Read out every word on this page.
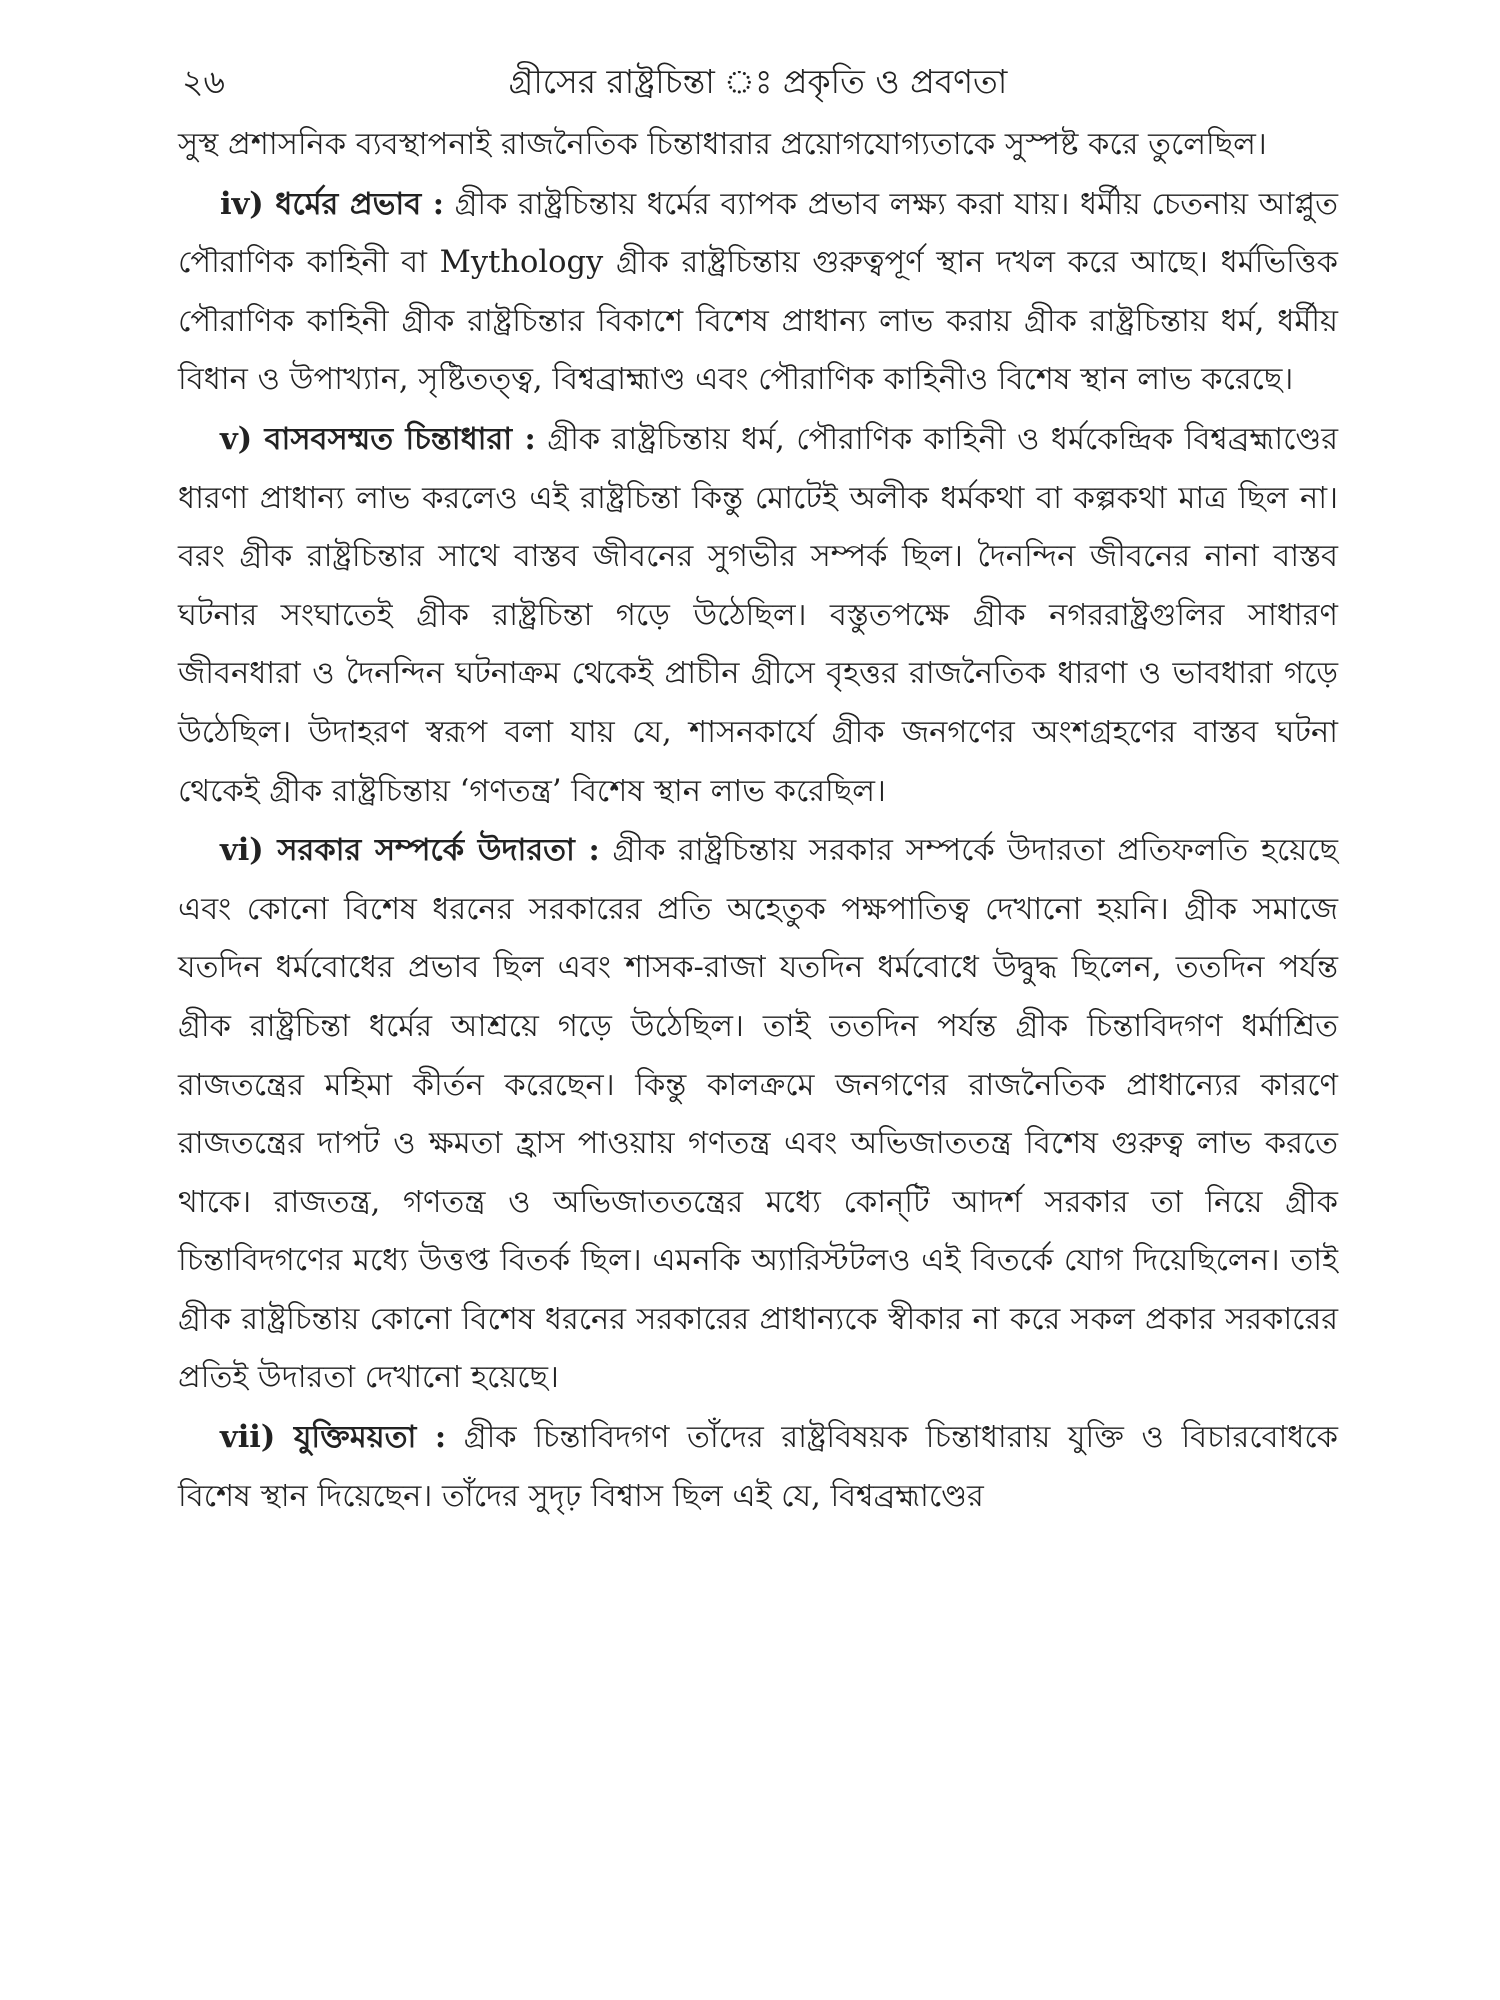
২৬	গ্রীসের রাষ্ট্রচিন্তা ঃ প্রকৃতি ও প্রবণতা

সুস্থ প্রশাসনিক ব্যবস্থাপনাই রাজনৈতিক চিন্তাধারার প্রয়োগযোগ্যতাকে সুস্পষ্ট করে তুলেছিল।

iv) ধর্মের প্রভাব : গ্রীক রাষ্ট্রচিন্তায় ধর্মের ব্যাপক প্রভাব লক্ষ্য করা যায়। ধর্মীয় চেতনায় আপ্লুত পৌরাণিক কাহিনী বা Mythology গ্রীক রাষ্ট্রচিন্তায় গুরুত্বপূর্ণ স্থান দখল করে আছে। ধর্মভিত্তিক পৌরাণিক কাহিনী গ্রীক রাষ্ট্রচিন্তার বিকাশে বিশেষ প্রাধান্য লাভ করায় গ্রীক রাষ্ট্রচিন্তায় ধর্ম, ধর্মীয় বিধান ও উপাখ্যান, সৃষ্টিতত্ত্ব, বিশ্বব্রাহ্মাণ্ড এবং পৌরাণিক কাহিনীও বিশেষ স্থান লাভ করেছে।

v) বাসবসম্মত চিন্তাধারা : গ্রীক রাষ্ট্রচিন্তায় ধর্ম, পৌরাণিক কাহিনী ও ধর্মকেন্দ্রিক বিশ্বব্রহ্মাণ্ডের ধারণা প্রাধান্য লাভ করলেও এই রাষ্ট্রচিন্তা কিন্তু মোটেই অলীক ধর্মকথা বা কল্পকথা মাত্র ছিল না। বরং গ্রীক রাষ্ট্রচিন্তার সাথে বাস্তব জীবনের সুগভীর সম্পর্ক ছিল। দৈনন্দিন জীবনের নানা বাস্তব ঘটনার সংঘাতেই গ্রীক রাষ্ট্রচিন্তা গড়ে উঠেছিল। বস্তুতপক্ষে গ্রীক নগররাষ্ট্রগুলির সাধারণ জীবনধারা ও দৈনন্দিন ঘটনাক্রম থেকেই প্রাচীন গ্রীসে বৃহত্তর রাজনৈতিক ধারণা ও ভাবধারা গড়ে উঠেছিল। উদাহরণ স্বরূপ বলা যায় যে, শাসনকার্যে গ্রীক জনগণের অংশগ্রহণের বাস্তব ঘটনা থেকেই গ্রীক রাষ্ট্রচিন্তায় ‘গণতন্ত্র’ বিশেষ স্থান লাভ করেছিল।

vi) সরকার সম্পর্কে উদারতা : গ্রীক রাষ্ট্রচিন্তায় সরকার সম্পর্কে উদারতা প্রতিফলতি হয়েছে এবং কোনো বিশেষ ধরনের সরকারের প্রতি অহেতুক পক্ষপাতিত্ব দেখানো হয়নি। গ্রীক সমাজে যতদিন ধর্মবোধের প্রভাব ছিল এবং শাসক-রাজা যতদিন ধর্মবোধে উদ্বুদ্ধ ছিলেন, ততদিন পর্যন্ত গ্রীক রাষ্ট্রচিন্তা ধর্মের আশ্রয়ে গড়ে উঠেছিল। তাই ততদিন পর্যন্ত গ্রীক চিন্তাবিদগণ ধর্মাশ্রিত রাজতন্ত্রের মহিমা কীর্তন করেছেন। কিন্তু কালক্রমে জনগণের রাজনৈতিক প্রাধান্যের কারণে রাজতন্ত্রের দাপট ও ক্ষমতা হ্রাস পাওয়ায় গণতন্ত্র এবং অভিজাততন্ত্র বিশেষ গুরুত্ব লাভ করতে থাকে। রাজতন্ত্র, গণতন্ত্র ও অভিজাততন্ত্রের মধ্যে কোন্‌টি আদর্শ সরকার তা নিয়ে গ্রীক চিন্তাবিদগণের মধ্যে উত্তপ্ত বিতর্ক ছিল। এমনকি অ্যারিস্টটলও এই বিতর্কে যোগ দিয়েছিলেন। তাই গ্রীক রাষ্ট্রচিন্তায় কোনো বিশেষ ধরনের সরকারের প্রাধান্যকে স্বীকার না করে সকল প্রকার সরকারের প্রতিই উদারতা দেখানো হয়েছে।

vii) যুক্তিময়তা : গ্রীক চিন্তাবিদগণ তাঁদের রাষ্ট্রবিষয়ক চিন্তাধারায় যুক্তি ও বিচারবোধকে বিশেষ স্থান দিয়েছেন। তাঁদের সুদৃঢ় বিশ্বাস ছিল এই যে, বিশ্বব্রহ্মাণ্ডের
